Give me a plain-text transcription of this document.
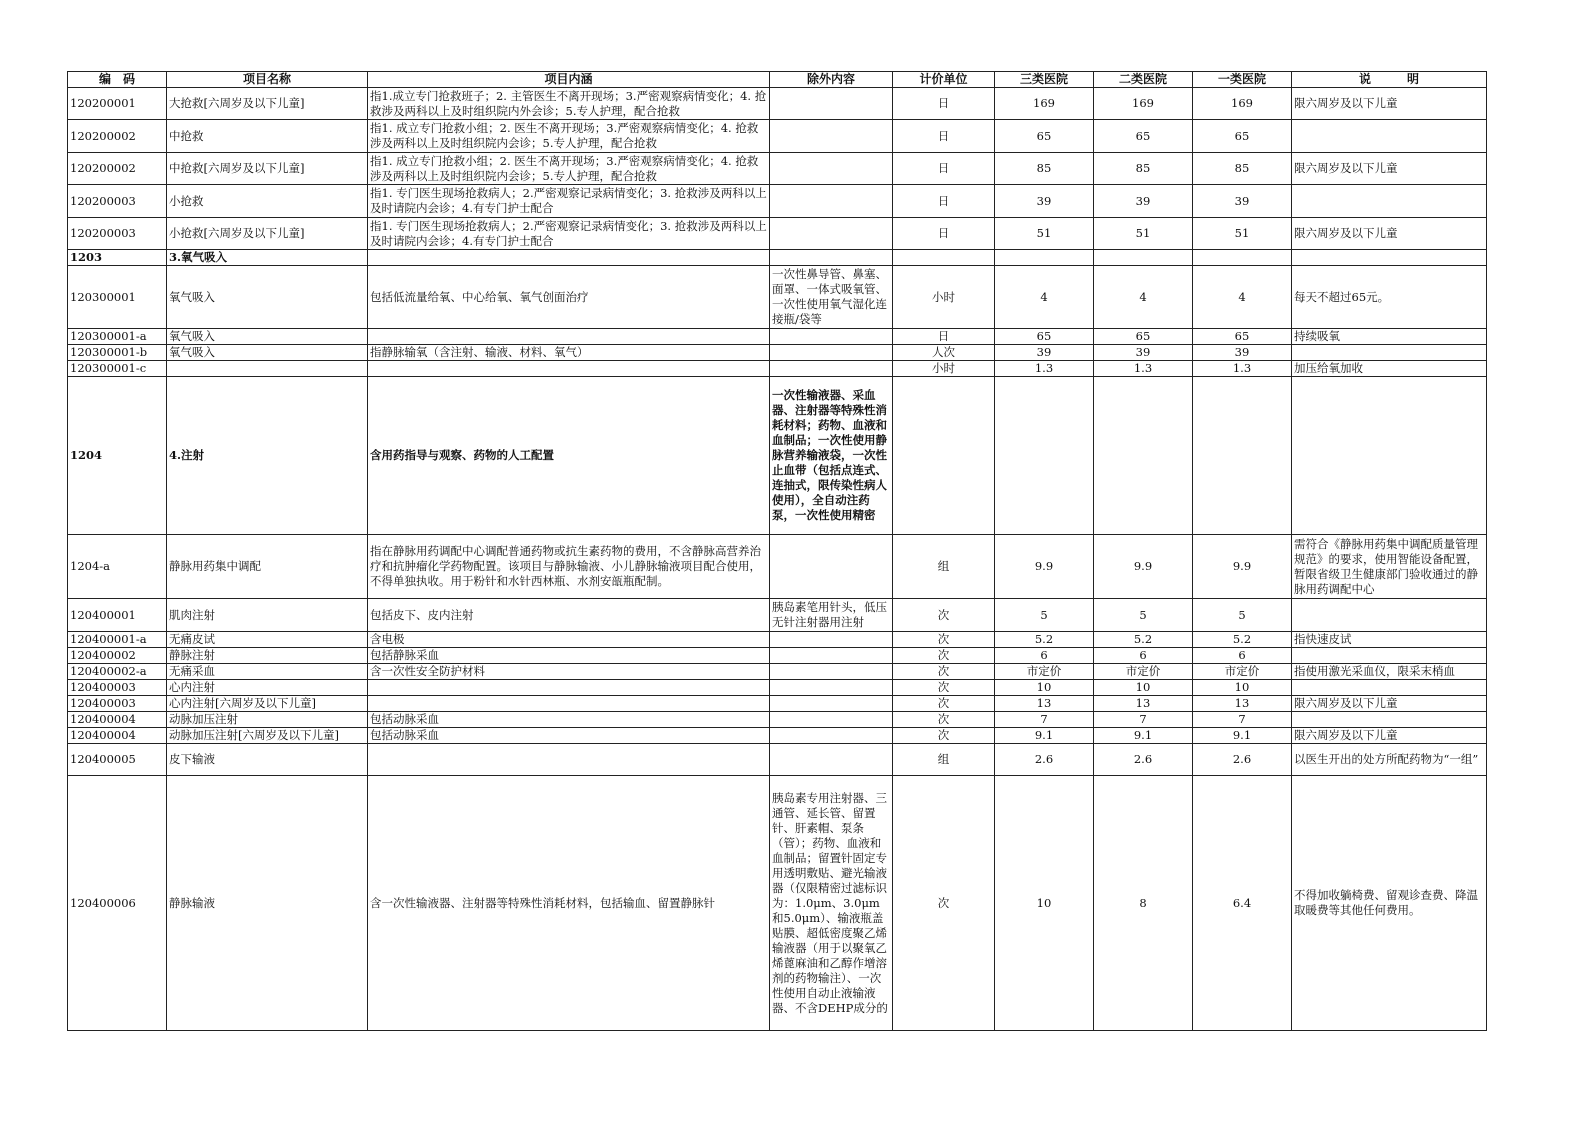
编　码	项目名称	项目内涵	除外内容	计价单位	三类医院	二类医院	一类医院	说　　　明

120200001	大抢救[六周岁及以下儿童]	指1.成立专门抢救班子；2. 主管医生不离开现场；3.严密观察病情变化；4. 抢救涉及两科以上及时组织院内外会诊；5.专人护理，配合抢救		日	169	169	169	限六周岁及以下儿童

120200002	中抢救	指1. 成立专门抢救小组；2. 医生不离开现场；3.严密观察病情变化；4. 抢救涉及两科以上及时组织院内会诊；5.专人护理，配合抢救		日	65	65	65	

120200002	中抢救[六周岁及以下儿童]	指1. 成立专门抢救小组；2. 医生不离开现场；3.严密观察病情变化；4. 抢救涉及两科以上及时组织院内会诊；5.专人护理，配合抢救		日	85	85	85	限六周岁及以下儿童

120200003	小抢救	指1. 专门医生现场抢救病人；2.严密观察记录病情变化；3. 抢救涉及两科以上及时请院内会诊；4.有专门护士配合		日	39	39	39	

120200003	小抢救[六周岁及以下儿童]	指1. 专门医生现场抢救病人；2.严密观察记录病情变化；3. 抢救涉及两科以上及时请院内会诊；4.有专门护士配合		日	51	51	51	限六周岁及以下儿童

1203	3.氧气吸入							

120300001	氧气吸入	包括低流量给氧、中心给氧、氧气创面治疗	一次性鼻导管、鼻塞、面罩、一体式吸氧管、一次性使用氧气湿化连接瓶/袋等	小时	4	4	4	每天不超过65元。

120300001-a	氧气吸入			日	65	65	65	持续吸氧

120300001-b	氧气吸入	指静脉输氧（含注射、输液、材料、氧气）		人次	39	39	39	

120300001-c				小时	1.3	1.3	1.3	加压给氧加收

1204	4.注射	含用药指导与观察、药物的人工配置	一次性输液器、采血器、注射器等特殊性消耗材料；药物、血液和血制品；一次性使用静脉营养输液袋，一次性止血带（包括点连式、连抽式，限传染性病人使用），全自动注药泵，一次性使用精密					

1204-a	静脉用药集中调配	指在静脉用药调配中心调配普通药物或抗生素药物的费用，不含静脉高营养治疗和抗肿瘤化学药物配置。该项目与静脉输液、小儿静脉输液项目配合使用，不得单独执收。用于粉针和水针西林瓶、水剂安瓿瓶配制。		组	9.9	9.9	9.9	需符合《静脉用药集中调配质量管理规范》的要求，使用智能设备配置，暂限省级卫生健康部门验收通过的静脉用药调配中心

120400001	肌肉注射	包括皮下、皮内注射	胰岛素笔用针头，低压无针注射器用注射	次	5	5	5	

120400001-a	无痛皮试	含电极		次	5.2	5.2	5.2	指快速皮试

120400002	静脉注射	包括静脉采血		次	6	6	6	

120400002-a	无痛采血	含一次性安全防护材料		次	市定价	市定价	市定价	指使用激光采血仪，限采末梢血

120400003	心内注射			次	10	10	10	

120400003	心内注射[六周岁及以下儿童]			次	13	13	13	限六周岁及以下儿童

120400004	动脉加压注射	包括动脉采血		次	7	7	7	

120400004	动脉加压注射[六周岁及以下儿童]	包括动脉采血		次	9.1	9.1	9.1	限六周岁及以下儿童

120400005	皮下输液			组	2.6	2.6	2.6	以医生开出的处方所配药物为“一组”

120400006	静脉输液	含一次性输液器、注射器等特殊性消耗材料，包括输血、留置静脉针	胰岛素专用注射器、三通管、延长管、留置针、肝素帽、泵条（管）；药物、血液和血制品；留置针固定专用透明敷贴、避光输液器（仅限精密过滤标识为：1.0μm、3.0μm和5.0μm）、输液瓶盖贴膜、超低密度聚乙烯输液器（用于以聚氧乙烯蓖麻油和乙醇作增溶剂的药物输注）、一次性使用自动止液输液器、不含DEHP成分的	次	10	8	6.4	不得加收躺椅费、留观诊查费、降温取暖费等其他任何费用。
